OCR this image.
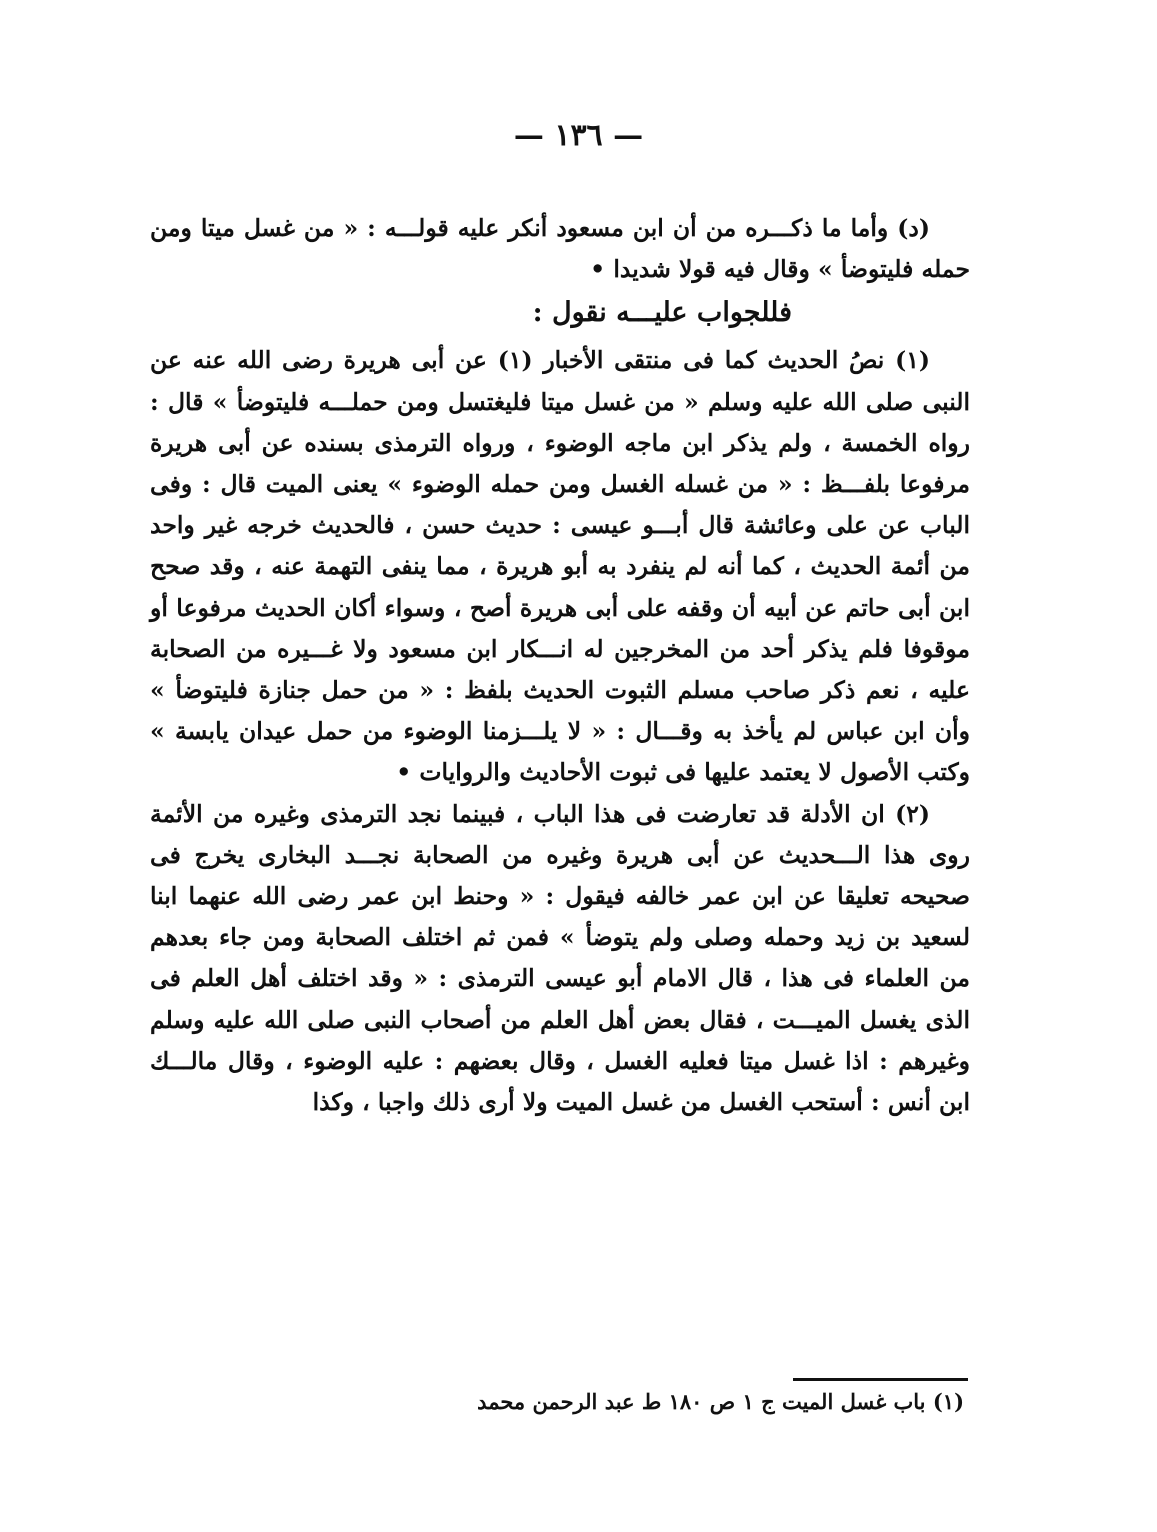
— ١٣٦ —

(د) وأما ما ذكـــره من أن ابن مسعود أنكر عليه قولـــه : « من غسل ميتا ومن حمله فليتوضأ » وقال فيه قولا شديدا •

فللجواب عليـــه نقول :

(١) نصُ الحديث كما فى منتقى الأخبار (١) عن أبى هريرة رضى الله عنه عن النبى صلى الله عليه وسلم « من غسل ميتا فليغتسل ومن حملـــه فليتوضأ » قال : رواه الخمسة ، ولم يذكر ابن ماجه الوضوء ، ورواه الترمذى بسنده عن أبى هريرة مرفوعا بلفـــظ : « من غسله الغسل ومن حمله الوضوء » يعنى الميت قال : وفى الباب عن على وعائشة قال أبـــو عيسى : حديث حسن ، فالحديث خرجه غير واحد من أئمة الحديث ، كما أنه لم ينفرد به أبو هريرة ، مما ينفى التهمة عنه ، وقد صحح ابن أبى حاتم عن أبيه أن وقفه على أبى هريرة أصح ، وسواء أكان الحديث مرفوعا أو موقوفا فلم يذكر أحد من المخرجين له انـــكار ابن مسعود ولا غـــيره من الصحابة عليه ، نعم ذكر صاحب مسلم الثبوت الحديث بلفظ : « من حمل جنازة فليتوضأ » وأن ابن عباس لم يأخذ به وقـــال : « لا يلـــزمنا الوضوء من حمل عيدان يابسة » وكتب الأصول لا يعتمد عليها فى ثبوت الأحاديث والروايات •

(٢) ان الأدلة قد تعارضت فى هذا الباب ، فبينما نجد الترمذى وغيره من الأئمة روى هذا الـــحديث عن أبى هريرة وغيره من الصحابة نجـــد البخارى يخرج فى صحيحه تعليقا عن ابن عمر خالفه فيقول : « وحنط ابن عمر رضى الله عنهما ابنا لسعيد بن زيد وحمله وصلى ولم يتوضأ » فمن ثم اختلف الصحابة ومن جاء بعدهم من العلماء فى هذا ، قال الامام أبو عيسى الترمذى : « وقد اختلف أهل العلم فى الذى يغسل الميـــت ، فقال بعض أهل العلم من أصحاب النبى صلى الله عليه وسلم وغيرهم : اذا غسل ميتا فعليه الغسل ، وقال بعضهم : عليه الوضوء ، وقال مالـــك ابن أنس : أستحب الغسل من غسل الميت ولا أرى ذلك واجبا ، وكذا

(١) باب غسل الميت ج ١ ص ١٨٠ ط عبد الرحمن محمد
